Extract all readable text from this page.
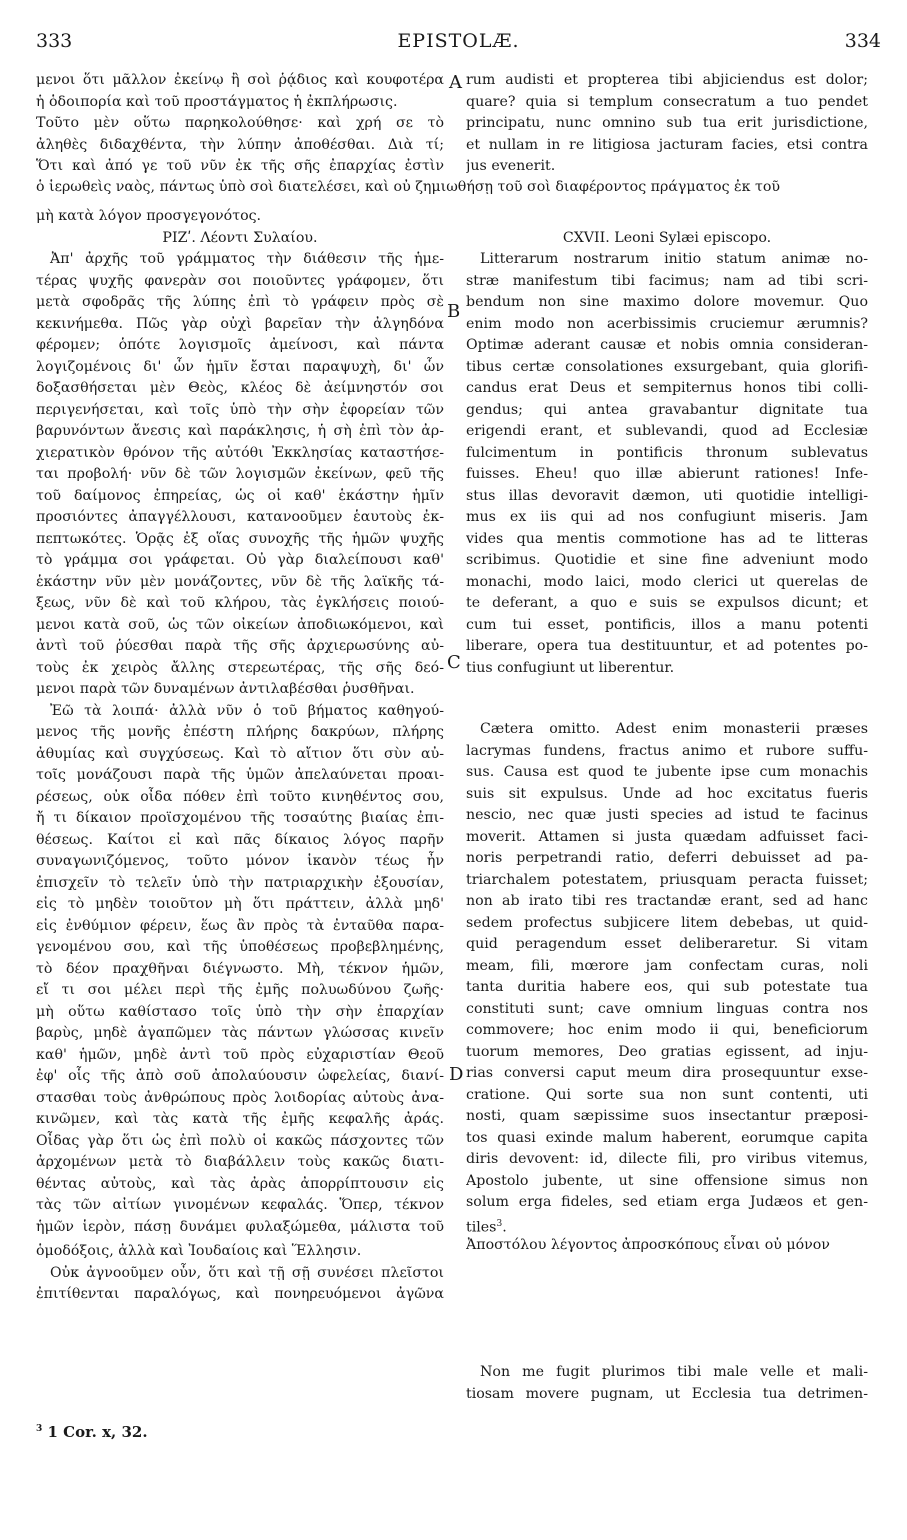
333	EPISTOLÆ.	334
A
B
C
D
μενοι ὅτι μᾶλλον ἐκείνῳ ἢ σοὶ ῥᾴδιος καὶ κουφοτέρα
ἡ ὁδοιπορία καὶ τοῦ προστάγματος ἡ ἐκπλήρωσις.
Τοῦτο μὲν οὕτω παρηκολούθησε· καὶ χρή σε τὸ
ἀληθὲς διδαχθέντα, τὴν λύπην ἀποθέσθαι. Διὰ τί;
Ὅτι καὶ ἀπό γε τοῦ νῦν ἐκ τῆς σῆς ἐπαρχίας ἐστὶν
rum audisti et propterea tibi abjiciendus est dolor;
quare? quia si templum consecratum a tuo pendet
principatu, nunc omnino sub tua erit jurisdictione,
et nullam in re litigiosa jacturam facies, etsi contra
jus evenerit.
ὁ ἱερωθεὶς ναὸς, πάντως ὑπὸ σοὶ διατελέσει, καὶ οὐ ζημιωθήσῃ τοῦ σοὶ διαφέροντος πράγματος ἐκ τοῦ
μὴ κατὰ λόγον προσγεγονότος.
ΡΙΖʹ. Λέοντι Συλαίου.
Ἀπ' ἀρχῆς τοῦ γράμματος τὴν διάθεσιν τῆς ἡμε-
τέρας ψυχῆς φανερὰν σοι ποιοῦντες γράφομεν, ὅτι
μετὰ σφοδρᾶς τῆς λύπης ἐπὶ τὸ γράφειν πρὸς σὲ
κεκινήμεθα. Πῶς γὰρ οὐχὶ βαρεῖαν τὴν ἀλγηδόνα
φέρομεν; ὁπότε λογισμοῖς ἀμείνοσι, καὶ πάντα
λογιζομένοις δι' ὧν ἡμῖν ἔσται παραψυχὴ, δι' ὧν
δοξασθήσεται μὲν Θεὸς, κλέος δὲ ἀείμνηστόν σοι
περιγενήσεται, καὶ τοῖς ὑπὸ τὴν σὴν ἐφορείαν τῶν
βαρυνόντων ἄνεσις καὶ παράκλησις, ἡ σὴ ἐπὶ τὸν ἀρ-
χιερατικὸν θρόνον τῆς αὐτόθι Ἐκκλησίας καταστήσε-
ται προβολή· νῦν δὲ τῶν λογισμῶν ἐκείνων, φεῦ τῆς
τοῦ δαίμονος ἐπηρείας, ὡς οἱ καθ' ἑκάστην ἡμῖν
προσιόντες ἀπαγγέλλουσι, κατανοοῦμεν ἑαυτοὺς ἐκ-
πεπτωκότες. Ὁρᾷς ἐξ οἵας συνοχῆς τῆς ἡμῶν ψυχῆς
τὸ γράμμα σοι γράφεται. Οὐ γὰρ διαλείπουσι καθ'
ἑκάστην νῦν μὲν μονάζοντες, νῦν δὲ τῆς λαϊκῆς τά-
ξεως, νῦν δὲ καὶ τοῦ κλήρου, τὰς ἐγκλήσεις ποιού-
μενοι κατὰ σοῦ, ὡς τῶν οἰκείων ἀποδιωκόμενοι, καὶ
ἀντὶ τοῦ ῥύεσθαι παρὰ τῆς σῆς ἀρχιερωσύνης αὐ-
τοὺς ἐκ χειρὸς ἄλλης στερεωτέρας, τῆς σῆς δεό-
μενοι παρὰ τῶν δυναμένων ἀντιλαβέσθαι ῥυσθῆναι.
Ἐῶ τὰ λοιπά· ἀλλὰ νῦν ὁ τοῦ βήματος καθηγού-
μενος τῆς μονῆς ἐπέστη πλήρης δακρύων, πλήρης
ἀθυμίας καὶ συγχύσεως. Καὶ τὸ αἴτιον ὅτι σὺν αὐ-
τοῖς μονάζουσι παρὰ τῆς ὑμῶν ἀπελαύνεται προαι-
ρέσεως, οὐκ οἶδα πόθεν ἐπὶ τοῦτο κινηθέντος σου,
ἤ τι δίκαιον προϊσχομένου τῆς τοσαύτης βιαίας ἐπι-
θέσεως. Καίτοι εἰ καὶ πᾶς δίκαιος λόγος παρῆν
συναγωνιζόμενος, τοῦτο μόνον ἱκανὸν τέως ἦν
ἐπισχεῖν τὸ τελεῖν ὑπὸ τὴν πατριαρχικὴν ἐξουσίαν,
εἰς τὸ μηδὲν τοιοῦτον μὴ ὅτι πράττειν, ἀλλὰ μηδ'
εἰς ἐνθύμιον φέρειν, ἕως ἂν πρὸς τὰ ἐνταῦθα παρα-
γενομένου σου, καὶ τῆς ὑποθέσεως προβεβλημένης,
τὸ δέον πραχθῆναι διέγνωστο. Μὴ, τέκνον ἡμῶν,
εἴ τι σοι μέλει περὶ τῆς ἐμῆς πολυωδύνου ζωῆς·
μὴ οὕτω καθίστασο τοῖς ὑπὸ τὴν σὴν ἐπαρχίαν
βαρὺς, μηδὲ ἀγαπῶμεν τὰς πάντων γλώσσας κινεῖν
καθ' ἡμῶν, μηδὲ ἀντὶ τοῦ πρὸς εὐχαριστίαν Θεοῦ
ἐφ' οἷς τῆς ἀπὸ σοῦ ἀπολαύουσιν ὠφελείας, διανί-
στασθαι τοὺς ἀνθρώπους πρὸς λοιδορίας αὐτοὺς ἀνα-
κινῶμεν, καὶ τὰς κατὰ τῆς ἐμῆς κεφαλῆς ἀράς.
Οἶδας γὰρ ὅτι ὡς ἐπὶ πολὺ οἱ κακῶς πάσχοντες τῶν
ἀρχομένων μετὰ τὸ διαβάλλειν τοὺς κακῶς διατι-
θέντας αὐτοὺς, καὶ τὰς ἀρὰς ἀπορρίπτουσιν εἰς
τὰς τῶν αἰτίων γινομένων κεφαλάς. Ὅπερ, τέκνον
ἡμῶν ἱερὸν, πάσῃ δυνάμει φυλαξώμεθα, μάλιστα τοῦ
ὁμοδόξοις, ἀλλὰ καὶ Ἰουδαίοις καὶ Ἕλλησιν.
Οὐκ ἀγνοοῦμεν οὖν, ὅτι καὶ τῇ σῇ συνέσει πλεῖστοι
ἐπιτίθενται παραλόγως, καὶ πονηρευόμενοι ἀγῶνα
CXVII. Leoni Sylæi episcopo.
Litterarum nostrarum initio statum animæ no-
stræ manifestum tibi facimus; nam ad tibi scri-
bendum non sine maximo dolore movemur. Quo
enim modo non acerbissimis cruciemur ærumnis?
Optimæ aderant causæ et nobis omnia consideran-
tibus certæ consolationes exsurgebant, quia glorifi-
candus erat Deus et sempiternus honos tibi colli-
gendus; qui antea gravabantur dignitate tua
erigendi erant, et sublevandi, quod ad Ecclesiæ
fulcimentum in pontificis thronum sublevatus
fuisses. Eheu! quo illæ abierunt rationes! Infe-
stus illas devoravit dæmon, uti quotidie intelligi-
mus ex iis qui ad nos confugiunt miseris. Jam
vides qua mentis commotione has ad te litteras
scribimus. Quotidie et sine fine adveniunt modo
monachi, modo laici, modo clerici ut querelas de
te deferant, a quo e suis se expulsos dicunt; et
cum tui esset, pontificis, illos a manu potenti
liberare, opera tua destituuntur, et ad potentes po-
tius confugiunt ut liberentur.
Cætera omitto. Adest enim monasterii præses
lacrymas fundens, fractus animo et rubore suffu-
sus. Causa est quod te jubente ipse cum monachis
suis sit expulsus. Unde ad hoc excitatus fueris
nescio, nec quæ justi species ad istud te facinus
moverit. Attamen si justa quædam adfuisset faci-
noris perpetrandi ratio, deferri debuisset ad pa-
triarchalem potestatem, priusquam peracta fuisset;
non ab irato tibi res tractandæ erant, sed ad hanc
sedem profectus subjicere litem debebas, ut quid-
quid peragendum esset deliberaretur. Si vitam
meam, fili, mœrore jam confectam curas, noli
tanta duritia habere eos, qui sub potestate tua
constituti sunt; cave omnium linguas contra nos
commovere; hoc enim modo ii qui, beneficiorum
tuorum memores, Deo gratias egissent, ad inju-
rias conversi caput meum dira prosequuntur exse-
cratione. Qui sorte sua non sunt contenti, uti
nosti, quam sæpissime suos insectantur præposi-
tos quasi exinde malum haberent, eorumque capita
diris devovent: id, dilecte fili, pro viribus vitemus,
Apostolo jubente, ut sine offensione simus non
solum erga fideles, sed etiam erga Judæos et gen-
tiles$^3$.
Ἀποστόλου λέγοντος ἀπροσκόπους εἶναι οὐ μόνον
Non me fugit plurimos tibi male velle et mali-
tiosam movere pugnam, ut Ecclesia tua detrimen-
$^3$ 1 Cor. x, 32.
